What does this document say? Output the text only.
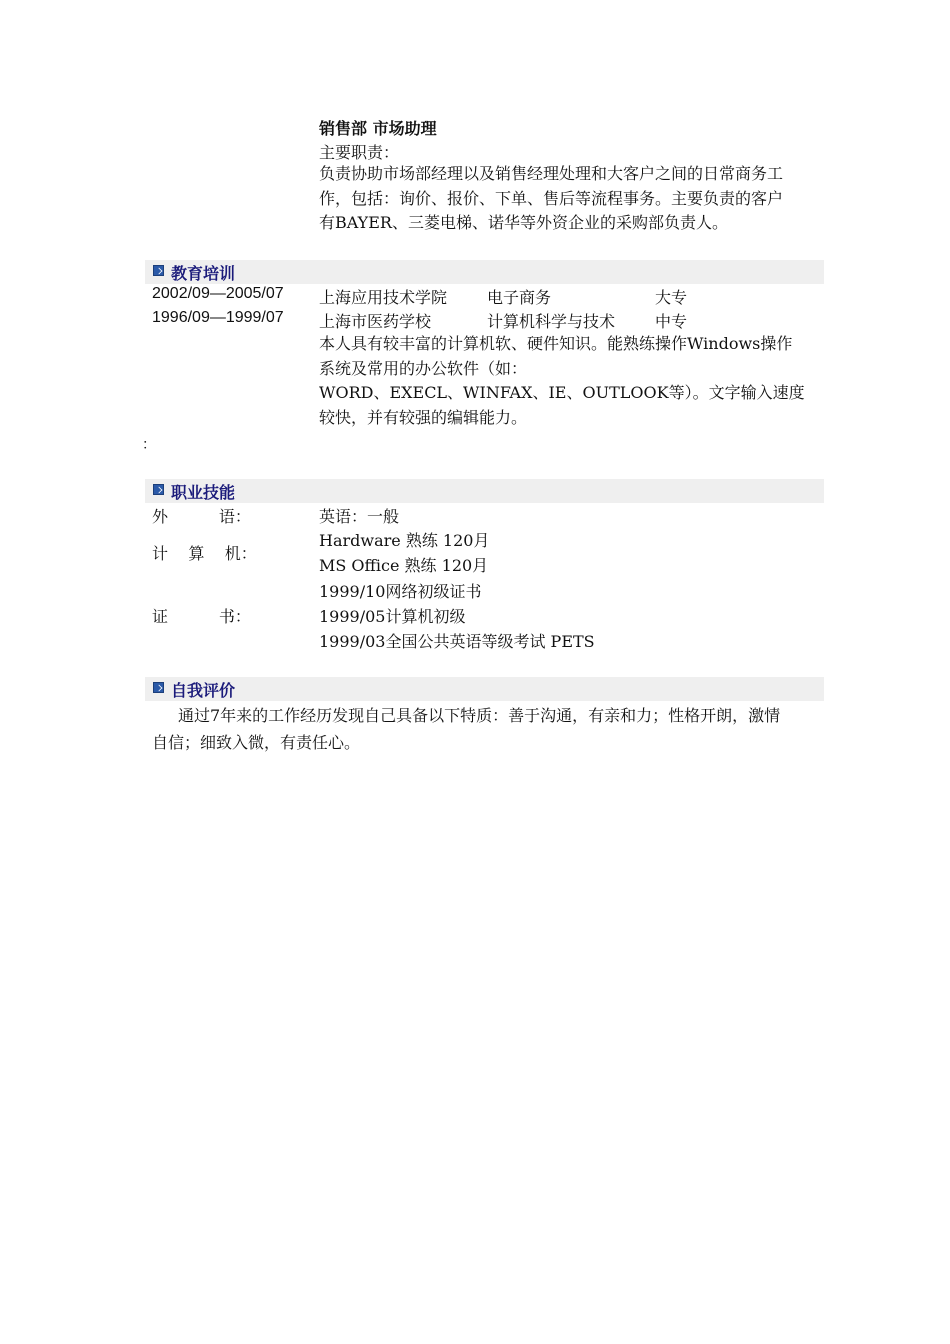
销售部 市场助理
主要职责：
负责协助市场部经理以及销售经理处理和大客户之间的日常商务工
作，包括：询价、报价、下单、售后等流程事务。主要负责的客户
有BAYER、三菱电梯、诺华等外资企业的采购部负责人。
教育培训
2002/09—2005/07 上海应用技术学院 电子商务	大专
1996/09—1999/07 上海市医药学校	计算机科学与技术 中专
本人具有较丰富的计算机软、硬件知识。能熟练操作Windows操作
系统及常用的办公软件（如：
WORD、EXECL、WINFAX、IE、OUTLOOK等）。文字输入速度
较快，并有较强的编辑能力。
：
职业技能
外          语：	英语：一般
计    算    机：
Hardware 熟练 120月
MS Office 熟练 120月
证          书：
1999/10网络初级证书
1999/05计算机初级
1999/03全国公共英语等级考试 PETS
自我评价
通过7年来的工作经历发现自己具备以下特质：善于沟通，有亲和力；性格开朗，激情
自信；细致入微，有责任心。
